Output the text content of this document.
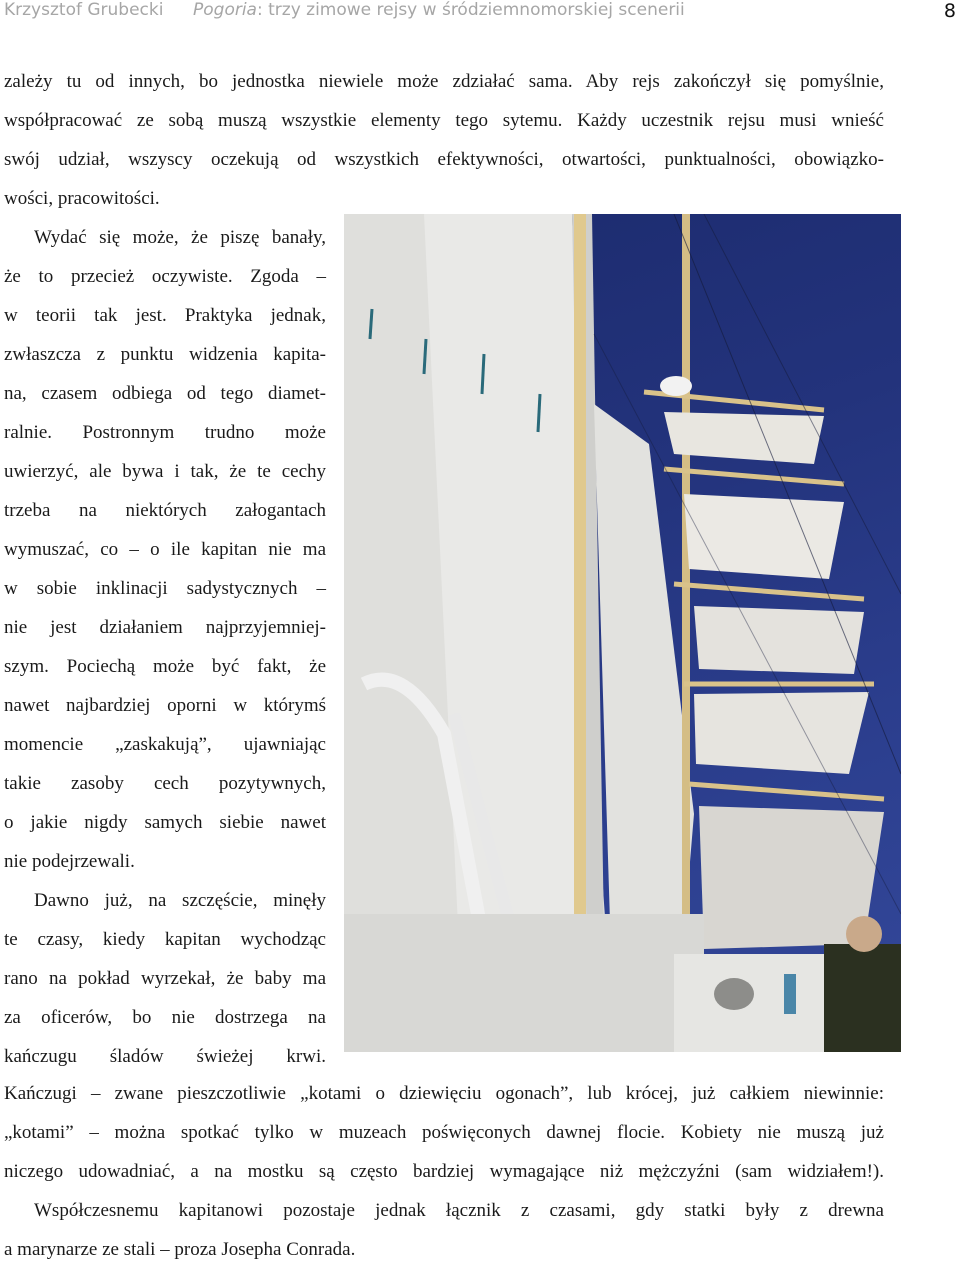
Krzysztof Grubecki Pogoria: trzy zimowe rejsy w śródziemnomorskiej scenerii	8
zależy tu od innych, bo jednostka niewiele może zdziałać sama. Aby rejs zakończył się pomyślnie,
współpracować ze sobą muszą wszystkie elementy tego sytemu. Każdy uczestnik rejsu musi wnieść
swój udział, wszyscy oczekują od wszystkich efektywności, otwartości, punktualności, obowiązko-
wości, pracowitości.
Wydać się może, że piszę banały,
że to przecież oczywiste. Zgoda –
w teorii tak jest. Praktyka jednak,
zwłaszcza z punktu widzenia kapita-
na, czasem odbiega od tego diamet-
ralnie. Postronnym trudno może
uwierzyć, ale bywa i tak, że te cechy
trzeba na niektórych załogantach
wymuszać, co – o ile kapitan nie ma
w sobie inklinacji sadystycznych –
nie jest działaniem najprzyjemniej-
szym. Pociechą może być fakt, że
nawet najbardziej oporni w którymś
momencie „zaskakują”, ujawniając
takie zasoby cech pozytywnych,
o jakie nigdy samych siebie nawet
nie podejrzewali.
Dawno już, na szczęście, minęły
te czasy, kiedy kapitan wychodząc
rano na pokład wyrzekał, że baby ma
za oficerów, bo nie dostrzega na
kańczugu śladów świeżej krwi.
Kańczugi – zwane pieszczotliwie „kotami o dziewięciu ogonach”, lub krócej, już całkiem niewinnie:
„kotami” – można spotkać tylko w muzeach poświęconych dawnej flocie. Kobiety nie muszą już
niczego udowadniać, a na mostku są często bardziej wymagające niż mężczyźni (sam widziałem!).
Współczesnemu kapitanowi pozostaje jednak łącznik z czasami, gdy statki były z drewna
a marynarze ze stali – proza Josepha Conrada.
